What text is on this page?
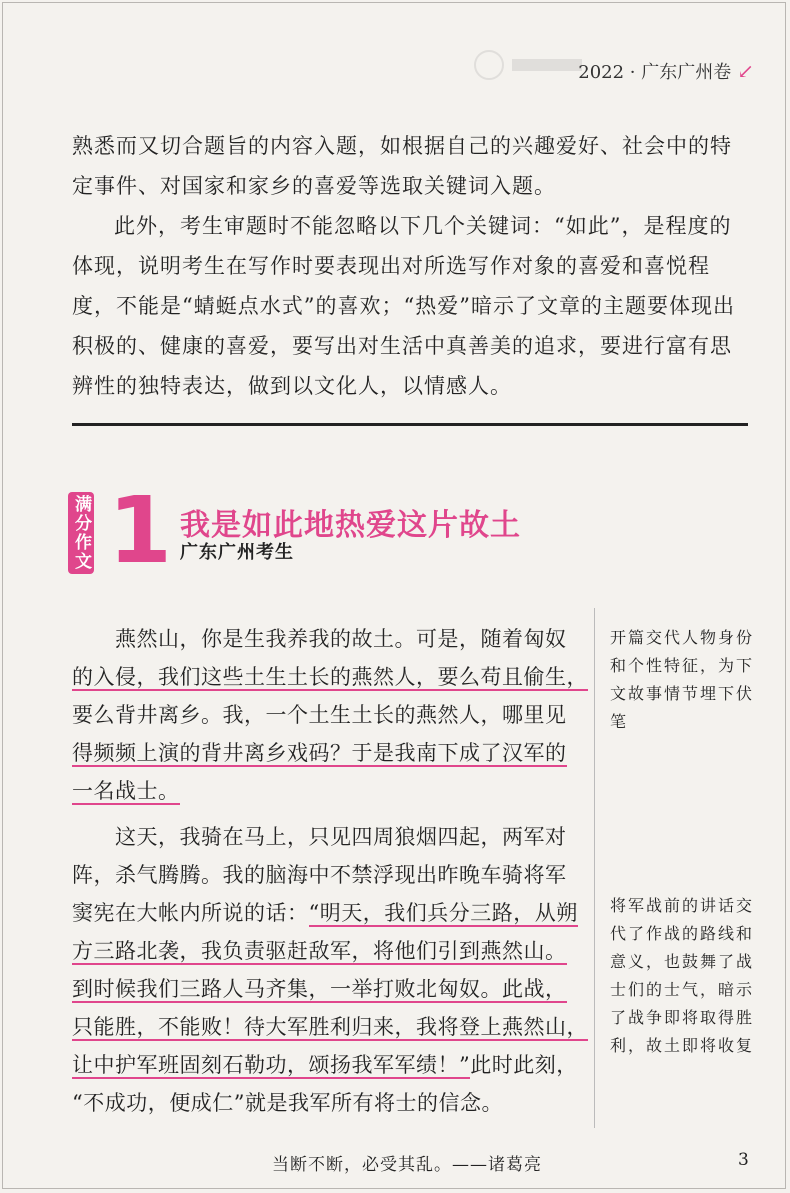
2022 · 广东广州卷 ↙

熟悉而又切合题旨的内容入题，如根据自己的兴趣爱好、社会中的特定事件、对国家和家乡的喜爱等选取关键词入题。

此外，考生审题时不能忽略以下几个关键词：“如此”，是程度的体现，说明考生在写作时要表现出对所选写作对象的喜爱和喜悦程度，不能是“蜻蜓点水式”的喜欢；“热爱”暗示了文章的主题要体现出积极的、健康的喜爱，要写出对生活中真善美的追求，要进行富有思辨性的独特表达，做到以文化人，以情感人。

满分作文 1 我是如此地热爱这片故土
广东广州考生
　　燕然山，你是生我养我的故土。可是，随着匈奴
的入侵，我们这些土生土长的燕然人，要么苟且偷生，
要么背井离乡。我，一个土生土长的燕然人，哪里见
得频频上演的背井离乡戏码？于是我南下成了汉军的
一名战士。
　　这天，我骑在马上，只见四周狼烟四起，两军对
阵，杀气腾腾。我的脑海中不禁浮现出昨晚车骑将军
窦宪在大帐内所说的话：“明天，我们兵分三路，从朔
方三路北袭，我负责驱赶敌军，将他们引到燕然山。
到时候我们三路人马齐集，一举打败北匈奴。此战，
只能胜，不能败！待大军胜利归来，我将登上燕然山，
让中护军班固刻石勒功，颂扬我军军绩！”此时此刻，
“不成功，便成仁”就是我军所有将士的信念。
开篇交代人物身份和个性特征，为下文故事情节埋下伏笔
将军战前的讲话交代了作战的路线和意义，也鼓舞了战士们的士气，暗示了战争即将取得胜利，故土即将收复
当断不断，必受其乱。——诸葛亮	3
